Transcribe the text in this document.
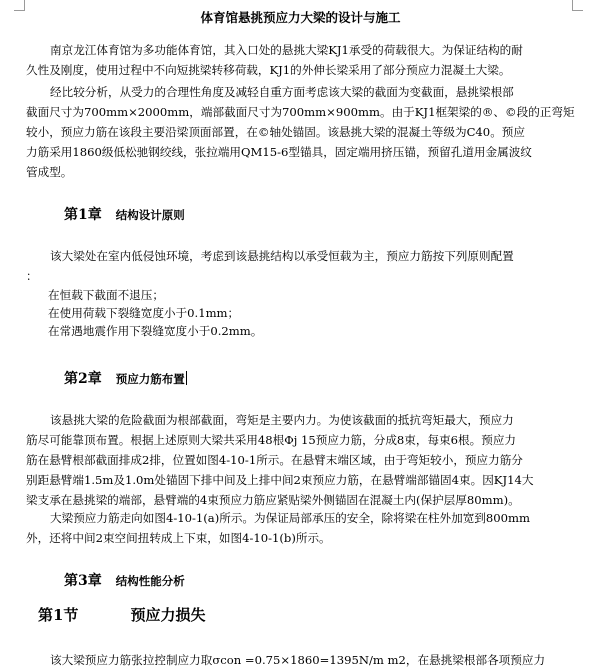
体育馆悬挑预应力大梁的设计与施工
南京龙江体育馆为多功能体育馆，其入口处的悬挑大梁KJ1承受的荷载很大。为保证结构的耐
久性及刚度，使用过程中不向短挑梁转移荷载，KJ1的外伸长梁采用了部分预应力混凝土大梁。
经比较分析，从受力的合理性角度及减轻自重方面考虑该大梁的截面为变截面，悬挑梁根部
截面尺寸为700mm×2000mm，端部截面尺寸为700mm×900mm。由于KJ1框架梁的®、©段的正弯矩
较小，预应力筋在该段主要沿梁顶面部置，在©轴处锚固。该悬挑大梁的混凝土等级为C40。预应
力筋采用1860级低松驰钢绞线，张拉端用QM15-6型锚具，固定端用挤压锚，预留孔道用金属波纹
管成型。
第1章 结构设计原则
该大梁处在室内低侵蚀环境，考虑到该悬挑结构以承受恒载为主，预应力筋按下列原则配置
：
在恒载下截面不退压；
在使用荷载下裂缝宽度小于0.1mm；
在常遇地震作用下裂缝宽度小于0.2mm。
第2章 预应力筋布置
该悬挑大梁的危险截面为根部截面，弯矩是主要内力。为使该截面的抵抗弯矩最大，预应力
筋尽可能靠顶布置。根据上述原则大梁共采用48根Φj 15预应力筋，分成8束，每束6根。预应力
筋在悬臂根部截面排成2排，位置如图4-10-1所示。在悬臂末端区域，由于弯矩较小，预应力筋分
别距悬臂端1.5m及1.0m处锚固下排中间及上排中间2束预应力筋，在悬臂端部锚固4束。因KJ14大
梁支承在悬挑梁的端部，悬臂端的4束预应力筋应紧贴梁外侧锚固在混凝土内(保护层厚80mm)。
大梁预应力筋走向如图4-10-1(a)所示。为保证局部承压的安全，除将梁在柱外加宽到800mm
外，还将中间2束空间扭转成上下束，如图4-10-1(b)所示。
第3章 结构性能分析
第1节	预应力损失
该大梁预应力筋张拉控制应力取σcon =0.75×1860=1395N/m m2，在悬挑梁根部各项预应力
